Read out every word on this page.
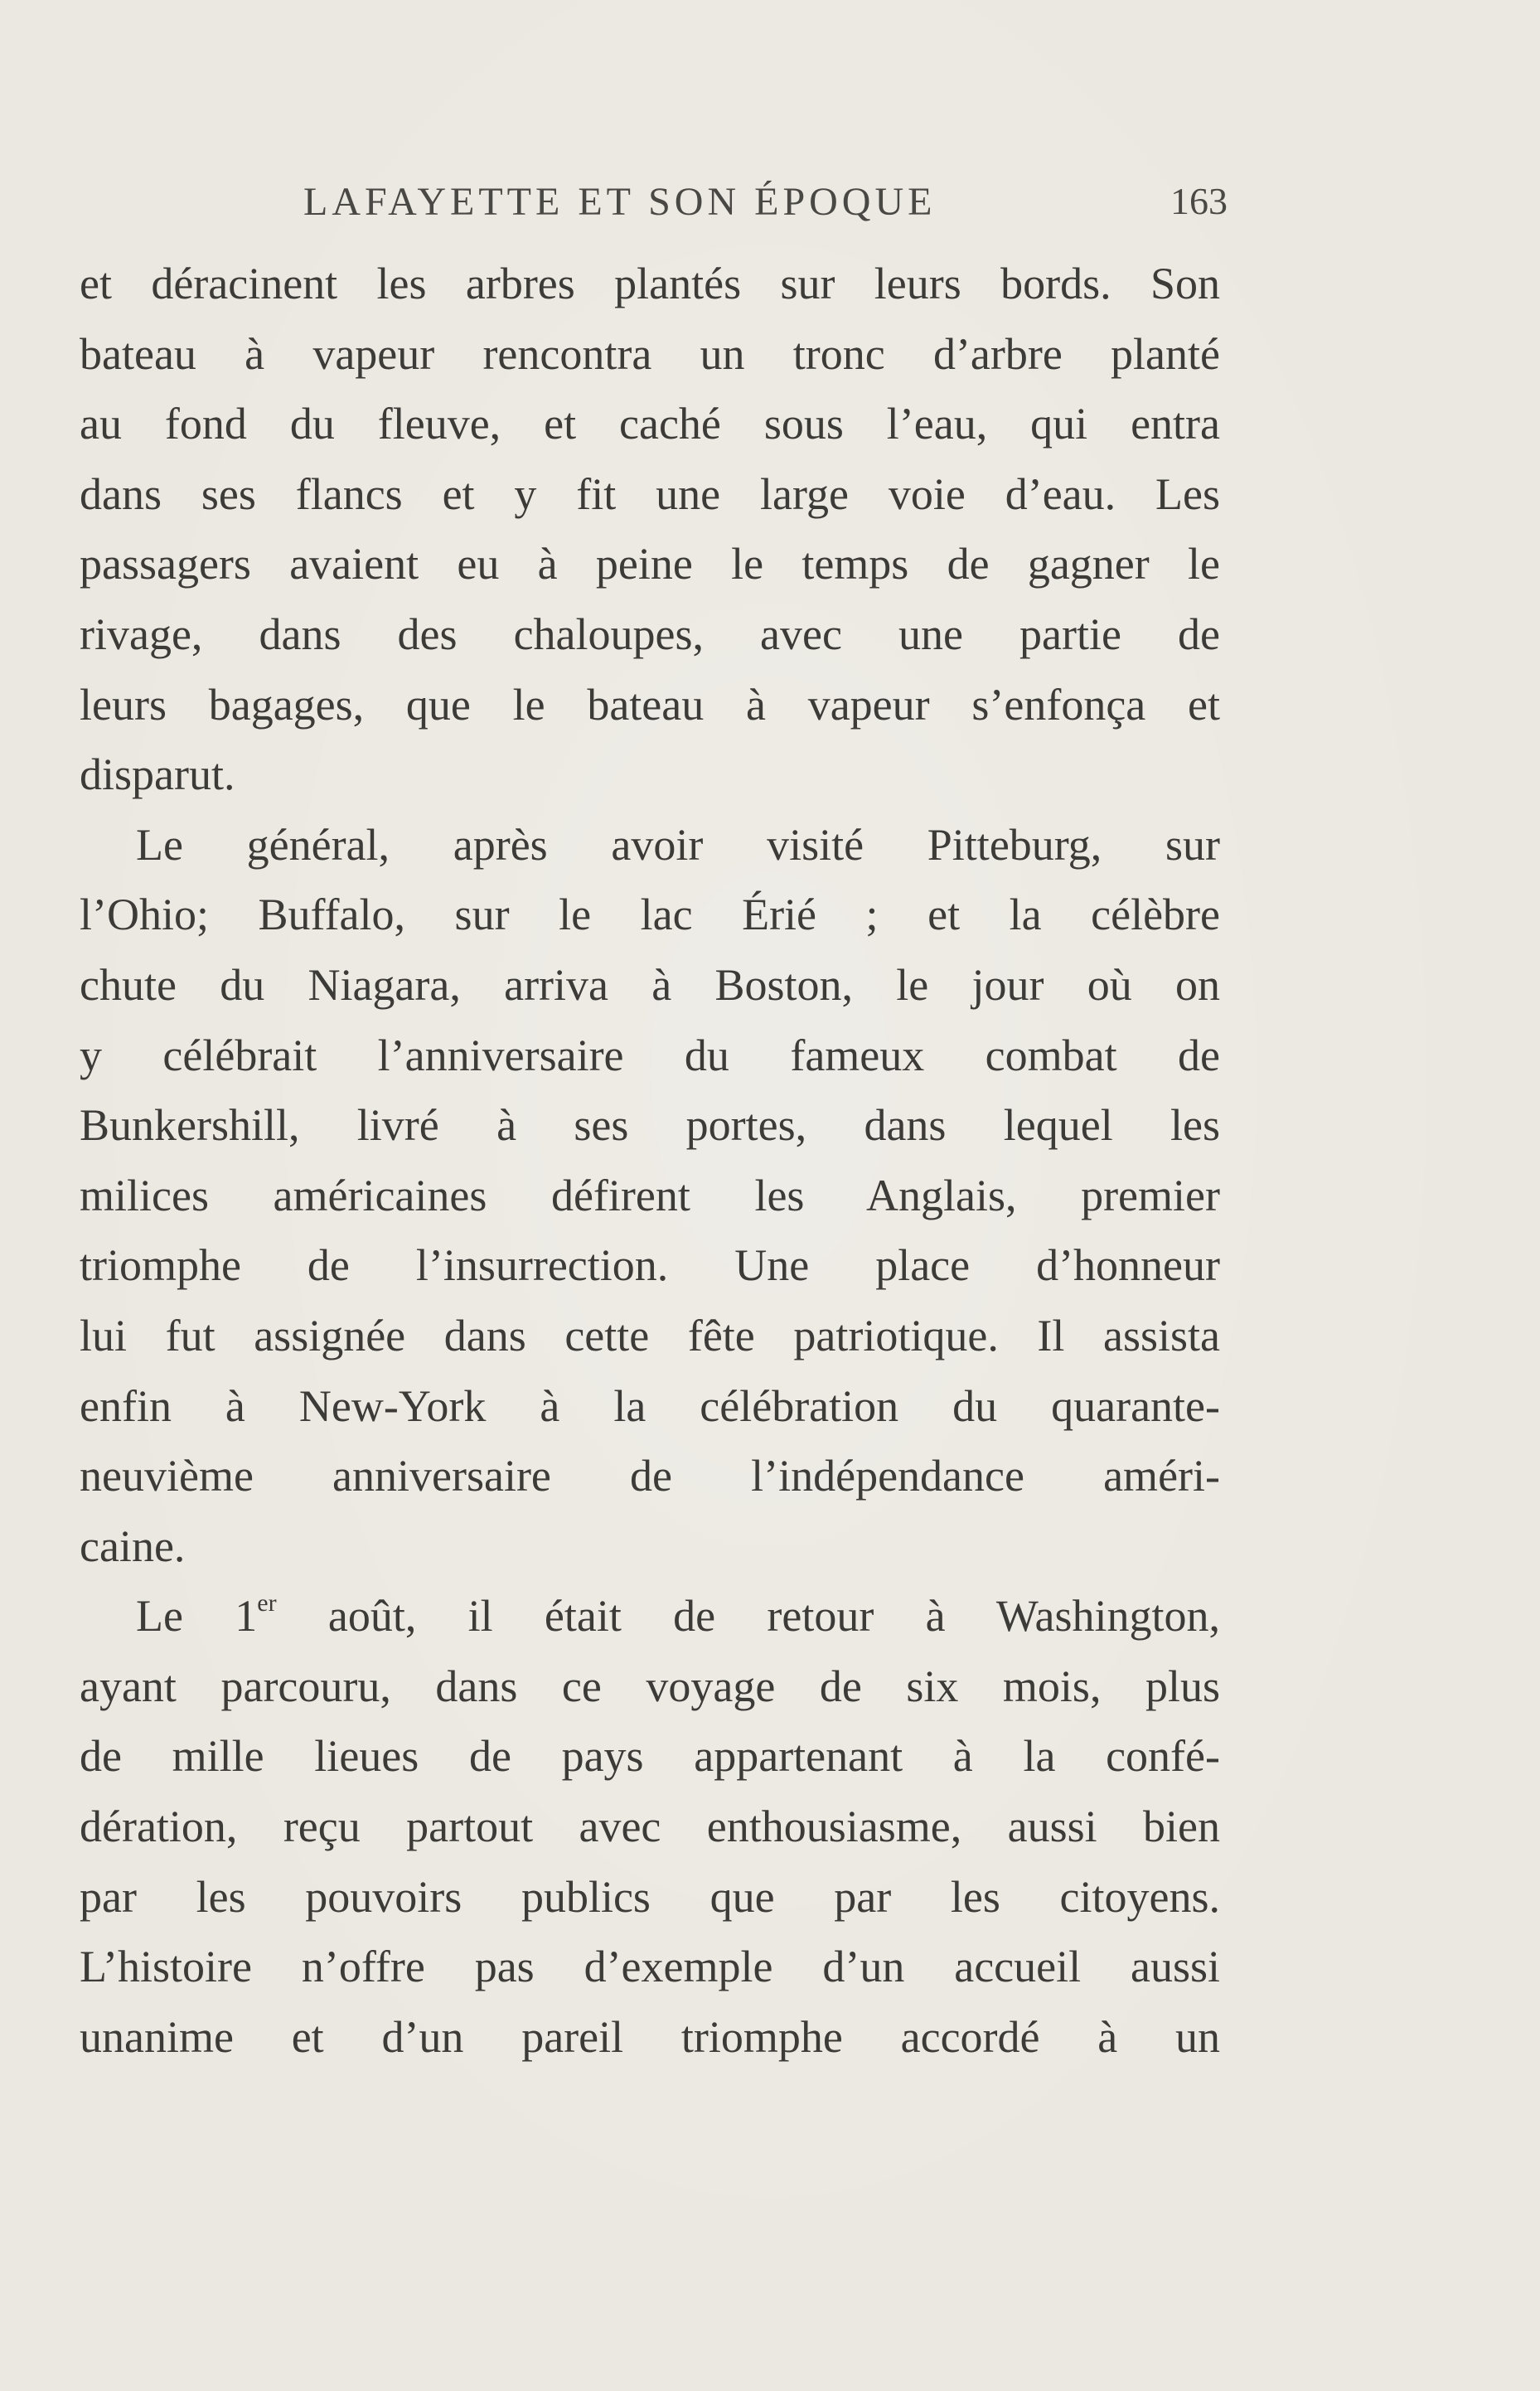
LAFAYETTE ET SON ÉPOQUE	163
et déracinent les arbres plantés sur leurs bords. Son
bateau à vapeur rencontra un tronc d’arbre planté
au fond du fleuve, et caché sous l’eau, qui entra
dans ses flancs et y fit une large voie d’eau. Les
passagers avaient eu à peine le temps de gagner le
rivage, dans des chaloupes, avec une partie de
leurs bagages, que le bateau à vapeur s’enfonça et
disparut.
Le général, après avoir visité Pitteburg, sur
l’Ohio; Buffalo, sur le lac Érié ; et la célèbre
chute du Niagara, arriva à Boston, le jour où on
y célébrait l’anniversaire du fameux combat de
Bunkershill, livré à ses portes, dans lequel les
milices américaines défirent les Anglais, premier
triomphe de l’insurrection. Une place d’honneur
lui fut assignée dans cette fête patriotique. Il assista
enfin à New-York à la célébration du quarante-
neuvième anniversaire de l’indépendance améri-
caine.
Le 1er août, il était de retour à Washington,
ayant parcouru, dans ce voyage de six mois, plus
de mille lieues de pays appartenant à la confé-
dération, reçu partout avec enthousiasme, aussi bien
par les pouvoirs publics que par les citoyens.
L’histoire n’offre pas d’exemple d’un accueil aussi
unanime et d’un pareil triomphe accordé à un
